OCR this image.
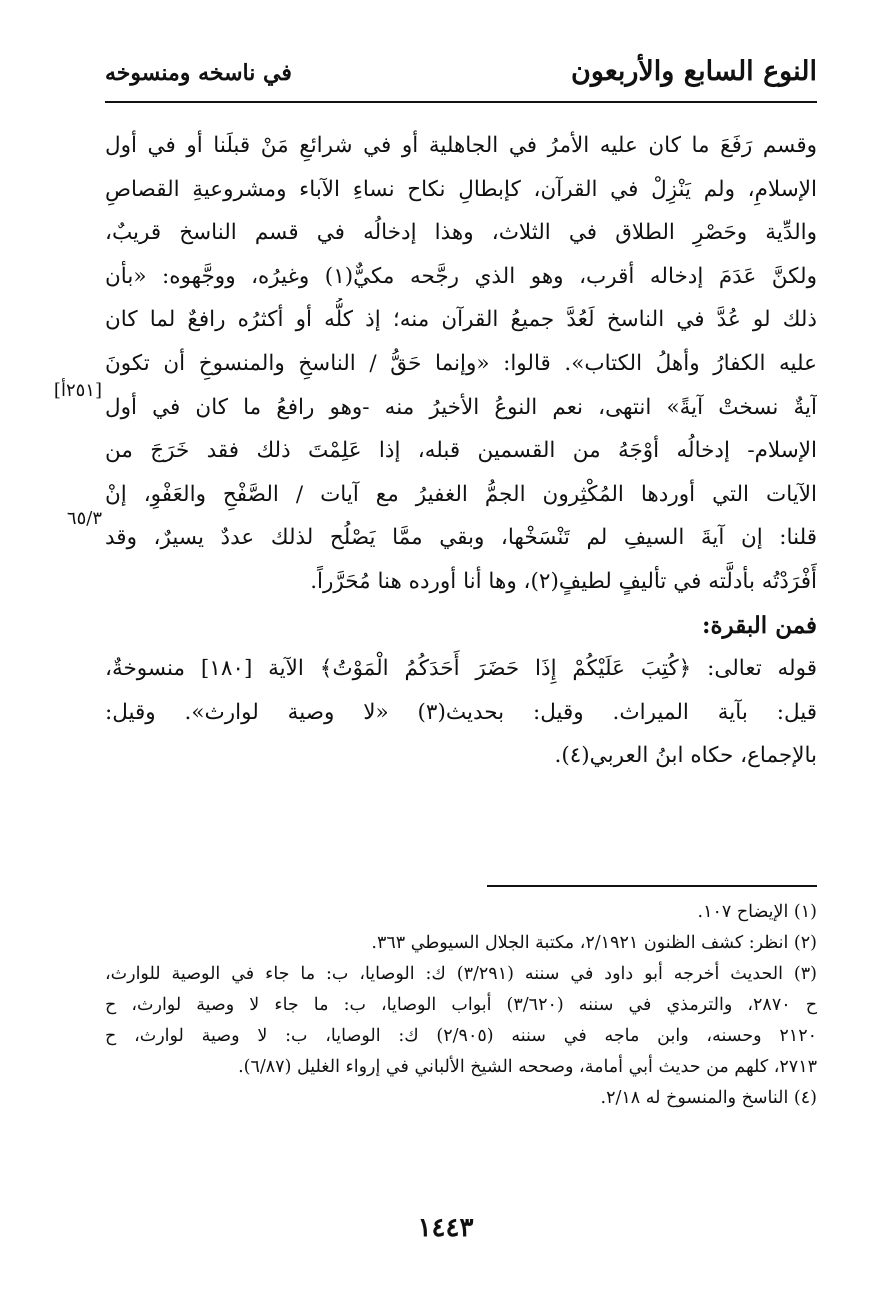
النوع السابع والأربعون
في ناسخه ومنسوخه
وقسم رَفَعَ ما كان عليه الأمرُ في الجاهلية أو في شرائعِ مَنْ قبلَنا أو في أول
الإسلامِ، ولم يَنْزِلْ في القرآن، كإبطالِ نكاح نساءِ الآباء ومشروعيةِ القصاصِ
والدِّية وحَصْرِ الطلاق في الثلاث، وهذا إدخالُه في قسم الناسخ قريبٌ،
ولكنَّ عَدَمَ إدخاله أقرب، وهو الذي رجَّحه مكيٌّ(١) وغيرُه، ووجَّهوه: «بأن
ذلك لو عُدَّ في الناسخ لَعُدَّ جميعُ القرآن منه؛ إذ كلُّه أو أكثرُه رافعٌ لما كان
عليه الكفارُ وأهلُ الكتاب». قالوا: «وإنما حَقُّ / الناسخِ والمنسوخِ أن تكونَ
آيةٌ نسختْ آيةً» انتهى، نعم النوعُ الأخيرُ منه -وهو رافعُ ما كان في أول
الإسلام- إدخالُه أوْجَهُ من القسمين قبله، إذا عَلِمْتَ ذلك فقد خَرَجَ من
الآيات التي أوردها المُكْثِرون الجمُّ الغفيرُ مع آيات / الصَّفْحِ والعَفْوِ، إنْ
قلنا: إن آيةَ السيفِ لم تَنْسَخْها، وبقي ممَّا يَصْلُح لذلك عددٌ يسيرٌ، وقد
أَفْرَدْتُه بأدلَّته في تأليفٍ لطيفٍ(٢)، وها أنا أورده هنا مُحَرَّراً.
فمن البقرة:
قوله تعالى: ﴿كُتِبَ عَلَيْكُمْ إِذَا حَضَرَ أَحَدَكُمُ الْمَوْتُ﴾ الآية [١٨٠] منسوخةٌ،
قيل: بآية الميراث. وقيل: بحديث(٣) «لا وصية لوارث». وقيل:
بالإجماع، حكاه ابنُ العربي(٤).
[٢٥١أ]
٦٥/٣
(١) الإيضاح ١٠٧.
(٢) انظر: كشف الظنون ٢/١٩٢١، مكتبة الجلال السيوطي ٣٦٣.
(٣) الحديث أخرجه أبو داود في سننه (٣/٢٩١) ك: الوصايا، ب: ما جاء في الوصية للوارث،
ح ٢٨٧٠، والترمذي في سننه (٣/٦٢٠) أبواب الوصايا، ب: ما جاء لا وصية لوارث، ح
٢١٢٠ وحسنه، وابن ماجه في سننه (٢/٩٠٥) ك: الوصايا، ب: لا وصية لوارث، ح
٢٧١٣، كلهم من حديث أبي أمامة، وصححه الشيخ الألباني في إرواء الغليل (٦/٨٧).
(٤) الناسخ والمنسوخ له ٢/١٨.
١٤٤٣
